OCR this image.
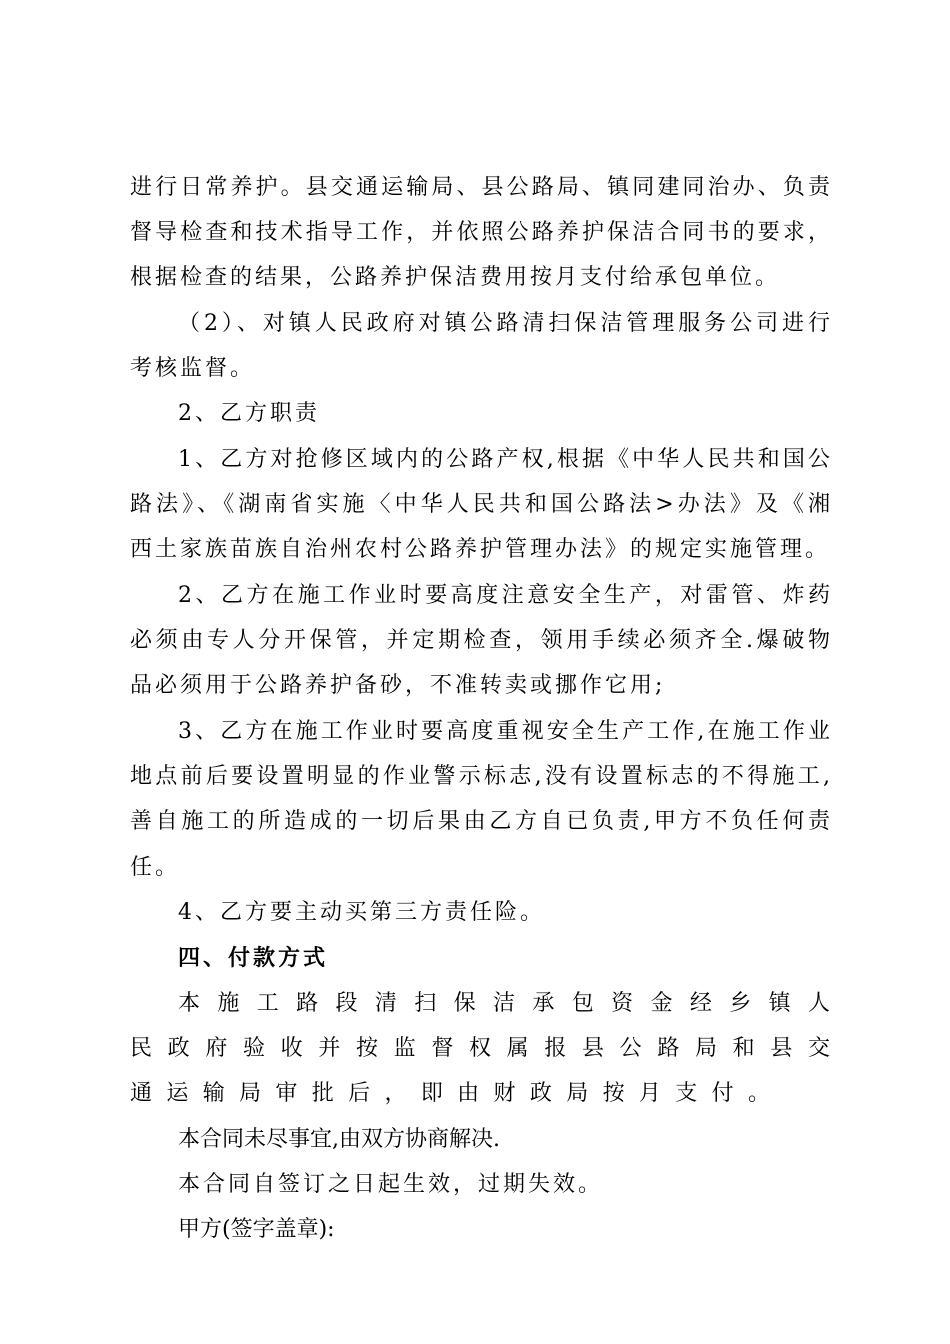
进行日常养护。县交通运输局、县公路局、镇同建同治办、负责
督导检查和技术指导工作，并依照公路养护保洁合同书的要求，
根据检查的结果，公路养护保洁费用按月支付给承包单位。
（2）、对镇人民政府对镇公路清扫保洁管理服务公司进行
考核监督。
2、乙方职责
1、乙方对抢修区域内的公路产权,根据《中华人民共和国公
路法》、《湖南省实施〈中华人民共和国公路法>办法》及《湘
西土家族苗族自治州农村公路养护管理办法》的规定实施管理。
2、乙方在施工作业时要高度注意安全生产，对雷管、炸药
必须由专人分开保管，并定期检查，领用手续必须齐全.爆破物
品必须用于公路养护备砂，不准转卖或挪作它用;
3、乙方在施工作业时要高度重视安全生产工作,在施工作业
地点前后要设置明显的作业警示标志,没有设置标志的不得施工,
善自施工的所造成的一切后果由乙方自已负责,甲方不负任何责
任。
4、乙方要主动买第三方责任险。
四、付款方式
本施工路段清扫保洁承包资金经乡镇人
民政府验收并按监督权属报县公路局和县交
通运输局审批后，即由财政局按月支付。
本合同未尽事宜,由双方协商解决.
本合同自签订之日起生效，过期失效。
甲方(签字盖章):
